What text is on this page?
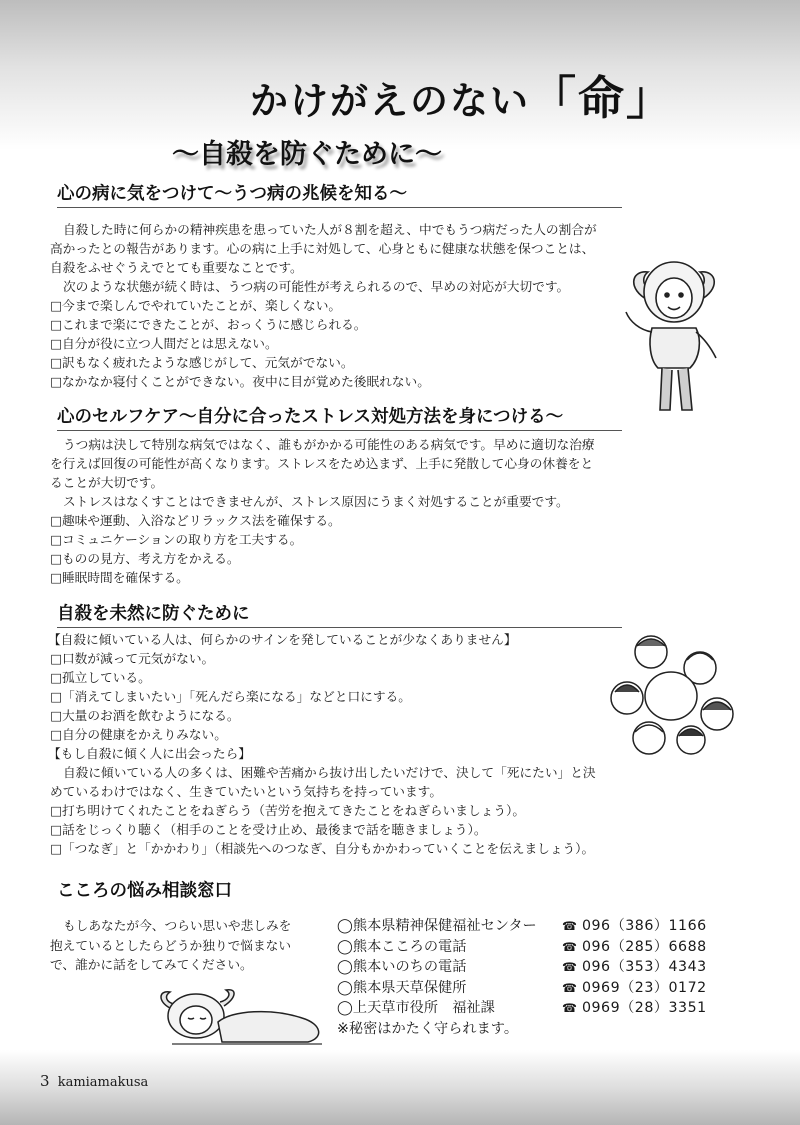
かけがえのない「命」
～自殺を防ぐために～
心の病に気をつけて～うつ病の兆候を知る～

自殺した時に何らかの精神疾患を患っていた人が８割を超え、中でもうつ病だった人の割合が

高かったとの報告があります。心の病に上手に対処して、心身ともに健康な状態を保つことは、

自殺をふせぐうえでとても重要なことです。

次のような状態が続く時は、うつ病の可能性が考えられるので、早めの対応が大切です。

□今まで楽しんでやれていたことが、楽しくない。

□これまで楽にできたことが、おっくうに感じられる。

□自分が役に立つ人間だとは思えない。

□訳もなく疲れたような感じがして、元気がでない。

□なかなか寝付くことができない。夜中に目が覚めた後眠れない。

心のセルフケア～自分に合ったストレス対処方法を身につける～

うつ病は決して特別な病気ではなく、誰もがかかる可能性のある病気です。早めに適切な治療

を行えば回復の可能性が高くなります。ストレスをため込まず、上手に発散して心身の休養をと

ることが大切です。

ストレスはなくすことはできませんが、ストレス原因にうまく対処することが重要です。

□趣味や運動、入浴などリラックス法を確保する。

□コミュニケーションの取り方を工夫する。

□ものの見方、考え方をかえる。

□睡眠時間を確保する。

自殺を未然に防ぐために

【自殺に傾いている人は、何らかのサインを発していることが少なくありません】

□口数が減って元気がない。

□孤立している。

□「消えてしまいたい」「死んだら楽になる」などと口にする。

□大量のお酒を飲むようになる。

□自分の健康をかえりみない。

【もし自殺に傾く人に出会ったら】

自殺に傾いている人の多くは、困難や苦痛から抜け出したいだけで、決して「死にたい」と決

めているわけではなく、生きていたいという気持ちを持っています。

□打ち明けてくれたことをねぎらう（苦労を抱えてきたことをねぎらいましょう）。

□話をじっくり聴く（相手のことを受け止め、最後まで話を聴きましょう）。

□「つなぎ」と「かかわり」（相談先へのつなぎ、自分もかかわっていくことを伝えましょう）。

こころの悩み相談窓口

もしあなたが今、つらい思いや悲しみを

抱えているとしたらどうか独りで悩まない

で、誰かに話をしてみてください。

◯熊本県精神保健福祉センター	☎ 096（386）1166
◯熊本こころの電話	☎ 096（285）6688
◯熊本いのちの電話	☎ 096（353）4343
◯熊本県天草保健所	☎ 0969（23）0172
◯上天草市役所　福祉課	☎ 0969（28）3351
※秘密はかたく守られます。
3 kamiamakusa
